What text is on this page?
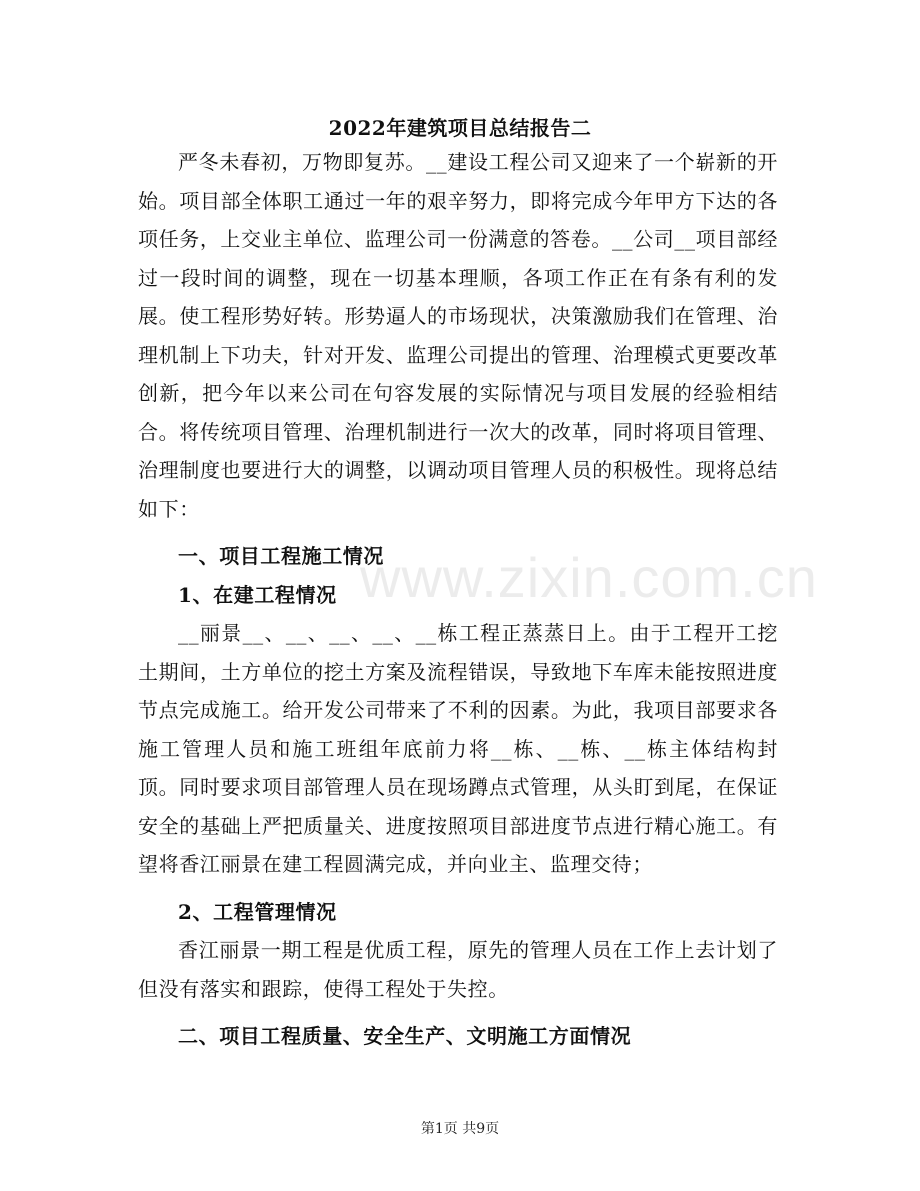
2022年建筑项目总结报告二

严冬未春初，万物即复苏。__建设工程公司又迎来了一个崭新的开始。项目部全体职工通过一年的艰辛努力，即将完成今年甲方下达的各项任务，上交业主单位、监理公司一份满意的答卷。__公司__项目部经过一段时间的调整，现在一切基本理顺，各项工作正在有条有利的发展。使工程形势好转。形势逼人的市场现状，决策激励我们在管理、治理机制上下功夫，针对开发、监理公司提出的管理、治理模式更要改革创新，把今年以来公司在句容发展的实际情况与项目发展的经验相结合。将传统项目管理、治理机制进行一次大的改革，同时将项目管理、治理制度也要进行大的调整，以调动项目管理人员的积极性。现将总结如下：

一、项目工程施工情况

1、在建工程情况

__丽景__、__、__、__、__栋工程正蒸蒸日上。由于工程开工挖土期间，土方单位的挖土方案及流程错误，导致地下车库未能按照进度节点完成施工。给开发公司带来了不利的因素。为此，我项目部要求各施工管理人员和施工班组年底前力将__栋、__栋、__栋主体结构封顶。同时要求项目部管理人员在现场蹲点式管理，从头盯到尾，在保证安全的基础上严把质量关、进度按照项目部进度节点进行精心施工。有望将香江丽景在建工程圆满完成，并向业主、监理交待；

2、工程管理情况

香江丽景一期工程是优质工程，原先的管理人员在工作上去计划了但没有落实和跟踪，使得工程处于失控。

二、项目工程质量、安全生产、文明施工方面情况

www.zixin.com.cn
第1页 共9页
